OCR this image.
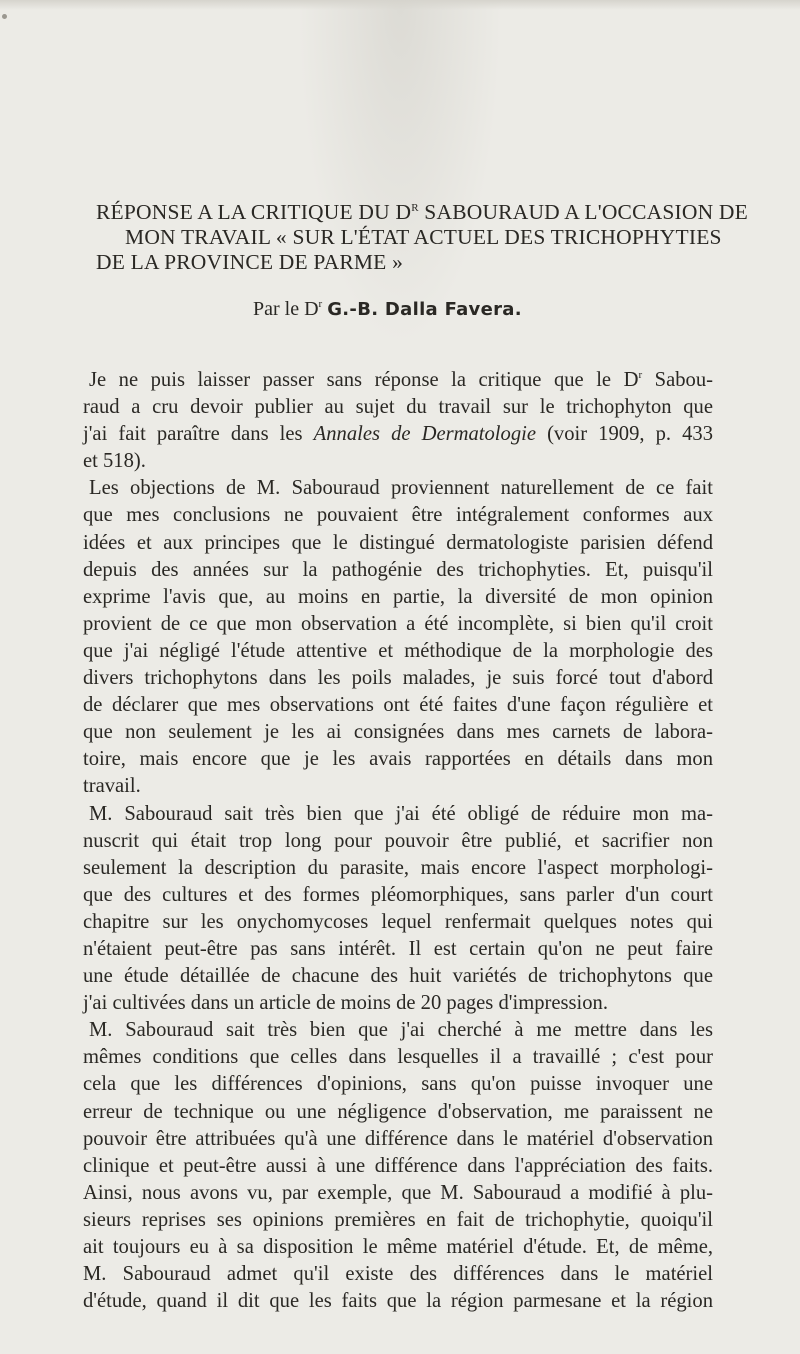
RÉPONSE A LA CRITIQUE DU $D^R$ SABOURAUD A L'OCCASION DE
MON TRAVAIL « SUR L'ÉTAT ACTUEL DES TRICHOPHYTIES
DE LA PROVINCE DE PARME »
Par le $D^r$ G.-B. Dalla Favera.
Je ne puis laisser passer sans réponse la critique que le $D^r$ Sabou-
raud a cru devoir publier au sujet du travail sur le trichophyton que
j'ai fait paraître dans les Annales de Dermatologie (voir 1909, p. 433
et 518).
Les objections de M. Sabouraud proviennent naturellement de ce fait
que mes conclusions ne pouvaient être intégralement conformes aux
idées et aux principes que le distingué dermatologiste parisien défend
depuis des années sur la pathogénie des trichophyties. Et, puisqu'il
exprime l'avis que, au moins en partie, la diversité de mon opinion
provient de ce que mon observation a été incomplète, si bien qu'il croit
que j'ai négligé l'étude attentive et méthodique de la morphologie des
divers trichophytons dans les poils malades, je suis forcé tout d'abord
de déclarer que mes observations ont été faites d'une façon régulière et
que non seulement je les ai consignées dans mes carnets de labora-
toire, mais encore que je les avais rapportées en détails dans mon
travail.
M. Sabouraud sait très bien que j'ai été obligé de réduire mon ma-
nuscrit qui était trop long pour pouvoir être publié, et sacrifier non
seulement la description du parasite, mais encore l'aspect morphologi-
que des cultures et des formes pléomorphiques, sans parler d'un court
chapitre sur les onychomycoses lequel renfermait quelques notes qui
n'étaient peut-être pas sans intérêt. Il est certain qu'on ne peut faire
une étude détaillée de chacune des huit variétés de trichophytons que
j'ai cultivées dans un article de moins de 20 pages d'impression.
M. Sabouraud sait très bien que j'ai cherché à me mettre dans les
mêmes conditions que celles dans lesquelles il a travaillé ; c'est pour
cela que les différences d'opinions, sans qu'on puisse invoquer une
erreur de technique ou une négligence d'observation, me paraissent ne
pouvoir être attribuées qu'à une différence dans le matériel d'observation
clinique et peut-être aussi à une différence dans l'appréciation des faits.
Ainsi, nous avons vu, par exemple, que M. Sabouraud a modifié à plu-
sieurs reprises ses opinions premières en fait de trichophytie, quoiqu'il
ait toujours eu à sa disposition le même matériel d'étude. Et, de même,
M. Sabouraud admet qu'il existe des différences dans le matériel
d'étude, quand il dit que les faits que la région parmesane et la région
